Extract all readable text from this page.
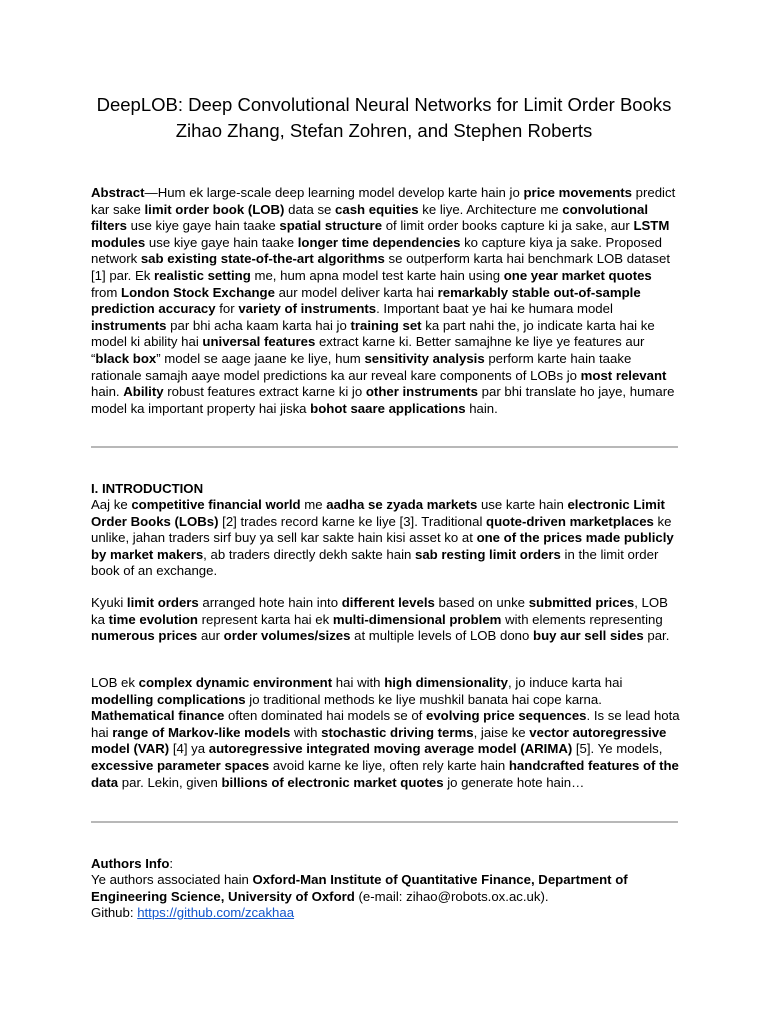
DeepLOB: Deep Convolutional Neural Networks for Limit Order Books
Zihao Zhang, Stefan Zohren, and Stephen Roberts

Abstract—Hum ek large-scale deep learning model develop karte hain jo price movements predict kar sake limit order book (LOB) data se cash equities ke liye. Architecture me convolutional filters use kiye gaye hain taake spatial structure of limit order books capture ki ja sake, aur LSTM modules use kiye gaye hain taake longer time dependencies ko capture kiya ja sake. Proposed network sab existing state-of-the-art algorithms se outperform karta hai benchmark LOB dataset [1] par. Ek realistic setting me, hum apna model test karte hain using one year market quotes from London Stock Exchange aur model deliver karta hai remarkably stable out-of-sample prediction accuracy for variety of instruments. Important baat ye hai ke humara model instruments par bhi acha kaam karta hai jo training set ka part nahi the, jo indicate karta hai ke model ki ability hai universal features extract karne ki. Better samajhne ke liye ye features aur “black box” model se aage jaane ke liye, hum sensitivity analysis perform karte hain taake rationale samajh aaye model predictions ka aur reveal kare components of LOBs jo most relevant hain. Ability robust features extract karne ki jo other instruments par bhi translate ho jaye, humare model ka important property hai jiska bohot saare applications hain.

I. INTRODUCTION

Aaj ke competitive financial world me aadha se zyada markets use karte hain electronic Limit Order Books (LOBs) [2] trades record karne ke liye [3]. Traditional quote-driven marketplaces ke unlike, jahan traders sirf buy ya sell kar sakte hain kisi asset ko at one of the prices made publicly by market makers, ab traders directly dekh sakte hain sab resting limit orders in the limit order book of an exchange.

Kyuki limit orders arranged hote hain into different levels based on unke submitted prices, LOB ka time evolution represent karta hai ek multi-dimensional problem with elements representing numerous prices aur order volumes/sizes at multiple levels of LOB dono buy aur sell sides par.

LOB ek complex dynamic environment hai with high dimensionality, jo induce karta hai modelling complications jo traditional methods ke liye mushkil banata hai cope karna. Mathematical finance often dominated hai models se of evolving price sequences. Is se lead hota hai range of Markov-like models with stochastic driving terms, jaise ke vector autoregressive model (VAR) [4] ya autoregressive integrated moving average model (ARIMA) [5]. Ye models, excessive parameter spaces avoid karne ke liye, often rely karte hain handcrafted features of the data par. Lekin, given billions of electronic market quotes jo generate hote hain…

Authors Info:

Ye authors associated hain Oxford-Man Institute of Quantitative Finance, Department of Engineering Science, University of Oxford (e-mail: zihao@robots.ox.ac.uk).

Github: https://github.com/zcakhaa
